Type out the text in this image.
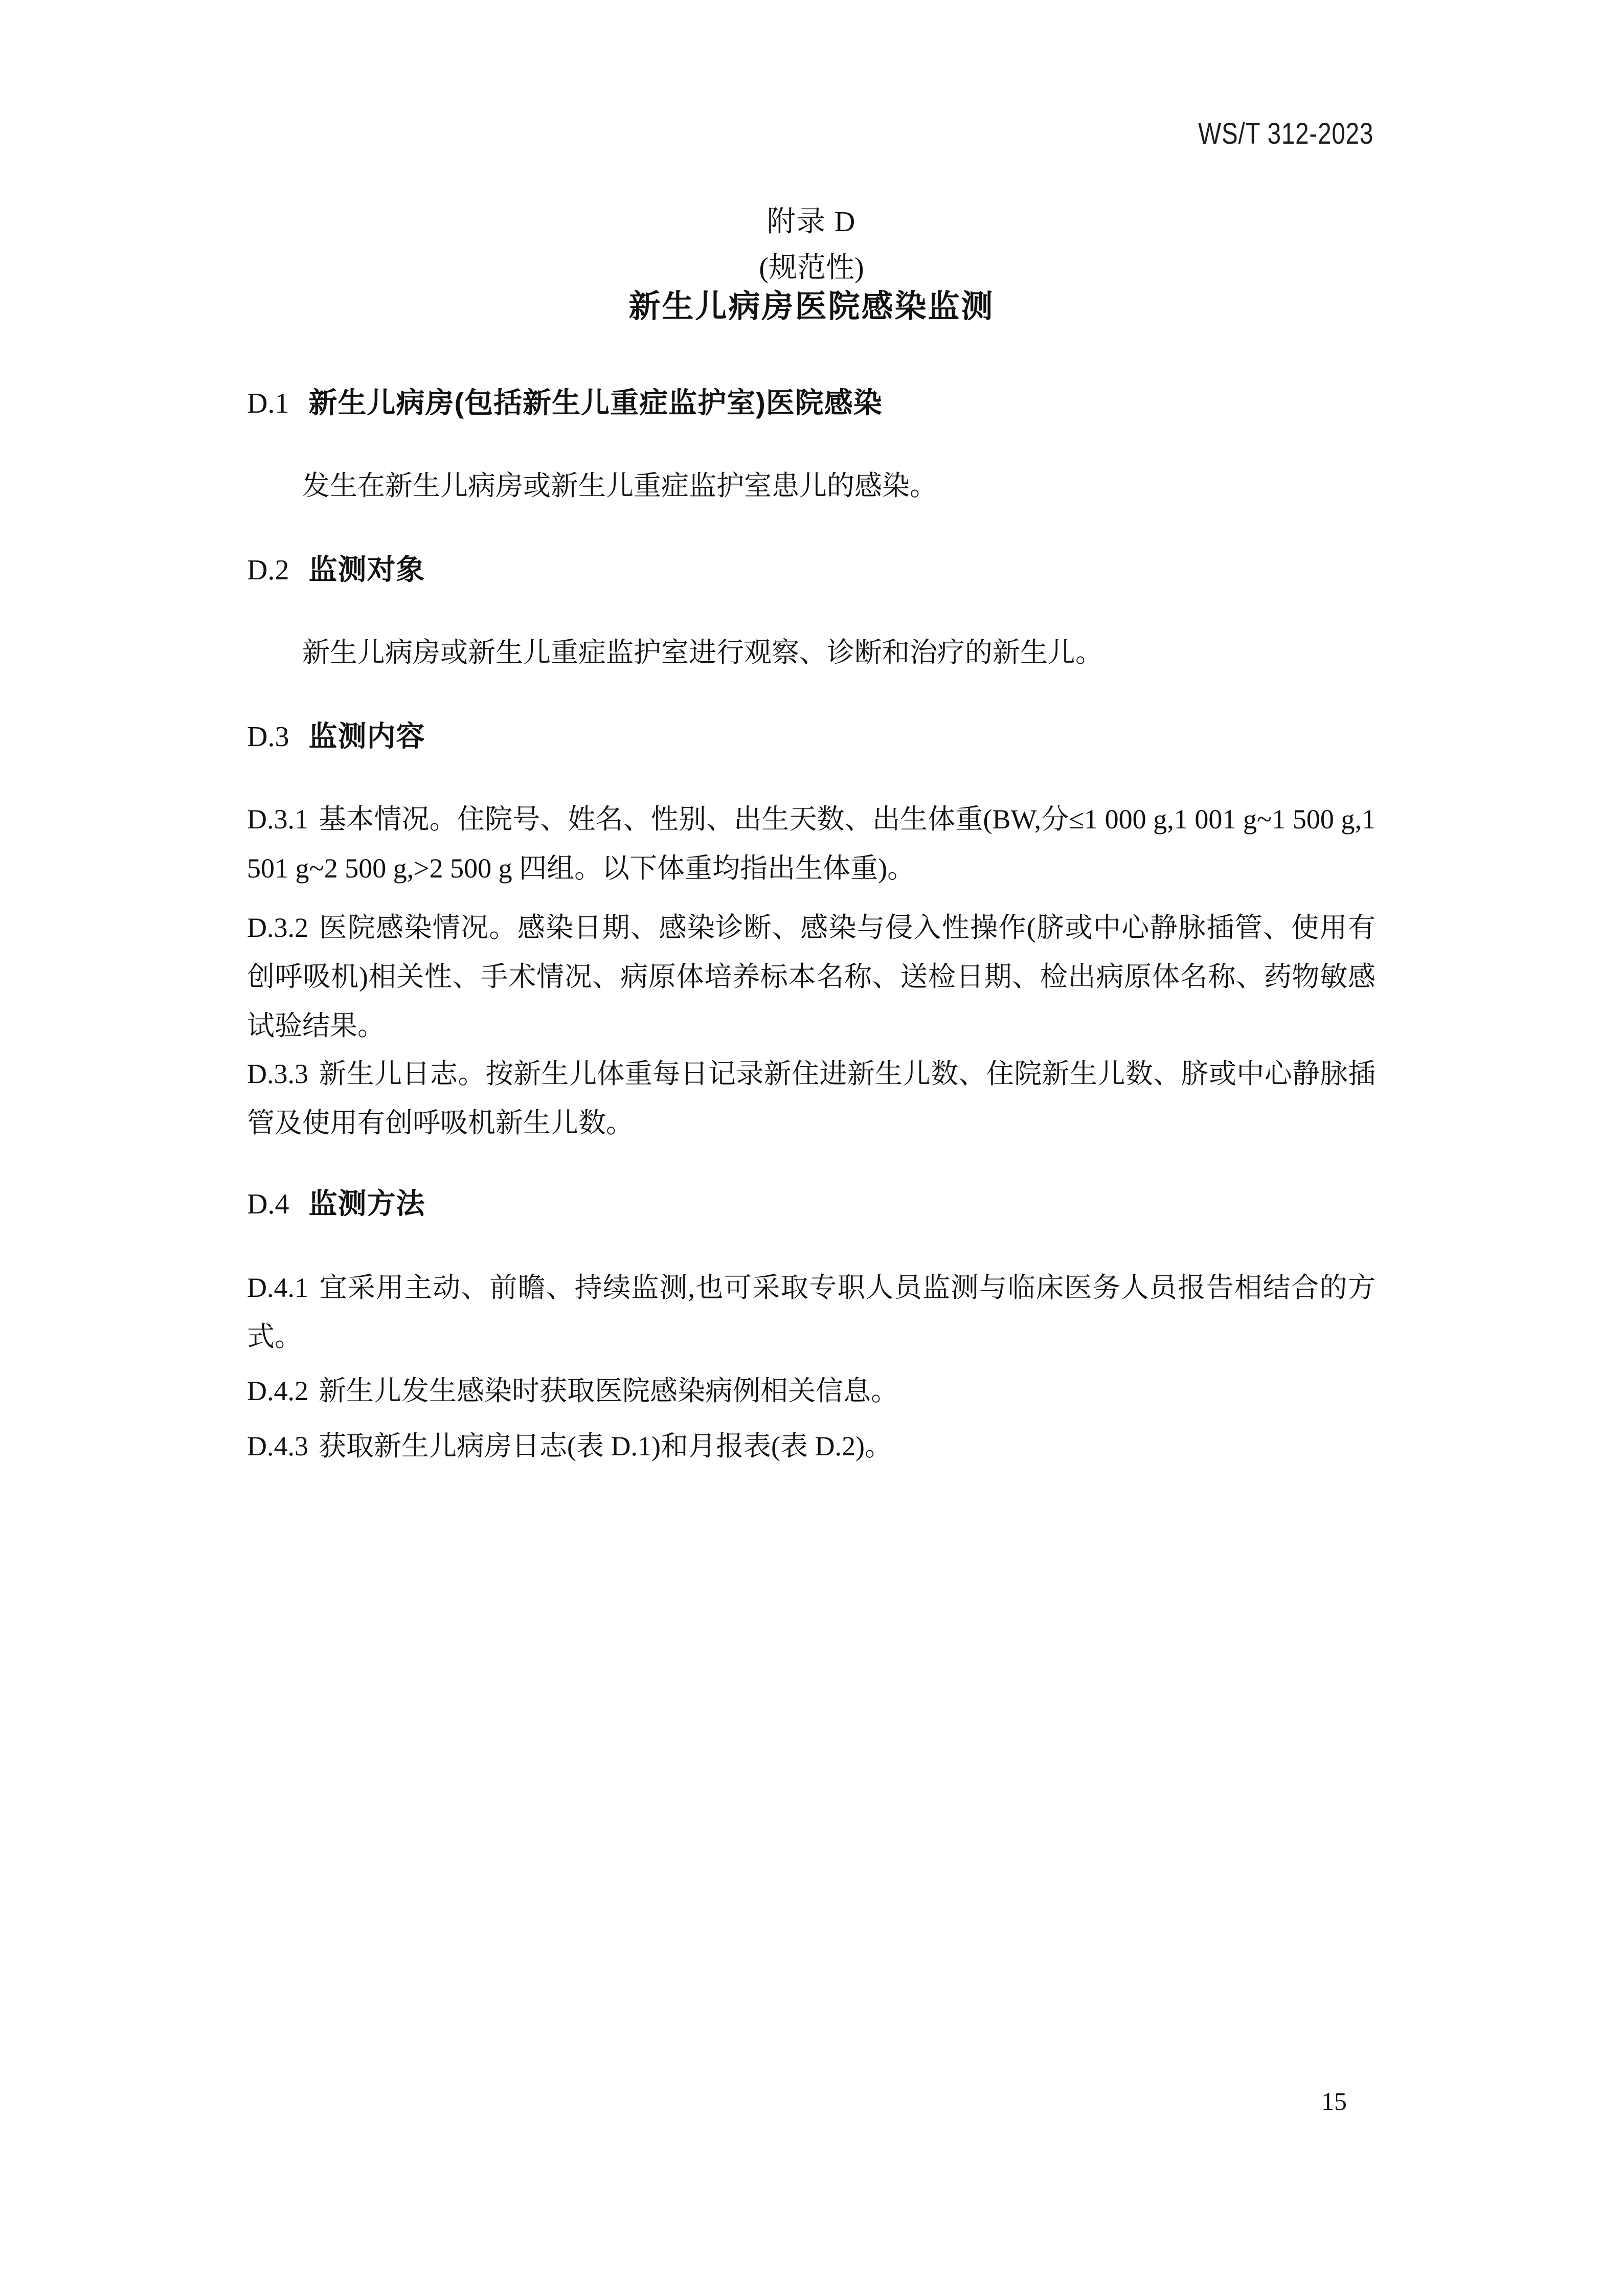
WS/T 312-2023
附录 D
(规范性)
新生儿病房医院感染监测
D.1 新生儿病房(包括新生儿重症监护室)医院感染

发生在新生儿病房或新生儿重症监护室患儿的感染。

D.2 监测对象

新生儿病房或新生儿重症监护室进行观察、诊断和治疗的新生儿。

D.3 监测内容

D.3.1 基本情况。住院号、姓名、性别、出生天数、出生体重(BW,分≤1 000 g,1 001 g~1 500 g,1 501 g~2 500 g,>2 500 g 四组。以下体重均指出生体重)。

D.3.2 医院感染情况。感染日期、感染诊断、感染与侵入性操作(脐或中心静脉插管、使用有创呼吸机)相关性、手术情况、病原体培养标本名称、送检日期、检出病原体名称、药物敏感试验结果。

D.3.3 新生儿日志。按新生儿体重每日记录新住进新生儿数、住院新生儿数、脐或中心静脉插管及使用有创呼吸机新生儿数。

D.4 监测方法

D.4.1 宜采用主动、前瞻、持续监测,也可采取专职人员监测与临床医务人员报告相结合的方式。

D.4.2 新生儿发生感染时获取医院感染病例相关信息。

D.4.3 获取新生儿病房日志(表 D.1)和月报表(表 D.2)。

15
